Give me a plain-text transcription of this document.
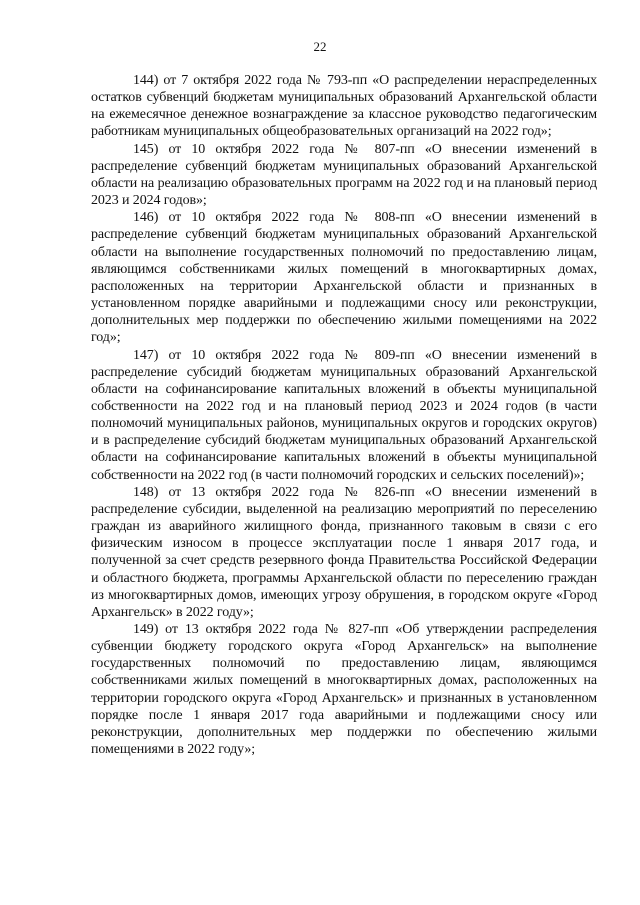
22

144) от 7 октября 2022 года № 793-пп «О распределении нераспределенных остатков субвенций бюджетам муниципальных образований Архангельской области на ежемесячное денежное вознаграждение за классное руководство педагогическим работникам муниципальных общеобразовательных организаций на 2022 год»;

145) от 10 октября 2022 года № 807-пп «О внесении изменений в распределение субвенций бюджетам муниципальных образований Архангельской области на реализацию образовательных программ на 2022 год и на плановый период 2023 и 2024 годов»;

146) от 10 октября 2022 года № 808-пп «О внесении изменений в распределение субвенций бюджетам муниципальных образований Архангельской области на выполнение государственных полномочий по предоставлению лицам, являющимся собственниками жилых помещений в многоквартирных домах, расположенных на территории Архангельской области и признанных в установленном порядке аварийными и подлежащими сносу или реконструкции, дополнительных мер поддержки по обеспечению жилыми помещениями на 2022 год»;

147) от 10 октября 2022 года № 809-пп «О внесении изменений в распределение субсидий бюджетам муниципальных образований Архангельской области на софинансирование капитальных вложений в объекты муниципальной собственности на 2022 год и на плановый период 2023 и 2024 годов (в части полномочий муниципальных районов, муниципальных округов и городских округов) и в распределение субсидий бюджетам муниципальных образований Архангельской области на софинансирование капитальных вложений в объекты муниципальной собственности на 2022 год (в части полномочий городских и сельских поселений)»;

148) от 13 октября 2022 года № 826-пп «О внесении изменений в распределение субсидии, выделенной на реализацию мероприятий по переселению граждан из аварийного жилищного фонда, признанного таковым в связи с его физическим износом в процессе эксплуатации после 1 января 2017 года, и полученной за счет средств резервного фонда Правительства Российской Федерации и областного бюджета, программы Архангельской области по переселению граждан из многоквартирных домов, имеющих угрозу обрушения, в городском округе «Город Архангельск» в 2022 году»;

149) от 13 октября 2022 года № 827-пп «Об утверждении распределения субвенции бюджету городского округа «Город Архангельск» на выполнение государственных полномочий по предоставлению лицам, являющимся собственниками жилых помещений в многоквартирных домах, расположенных на территории городского округа «Город Архангельск» и признанных в установленном порядке после 1 января 2017 года аварийными и подлежащими сносу или реконструкции, дополнительных мер поддержки по обеспечению жилыми помещениями в 2022 году»;
